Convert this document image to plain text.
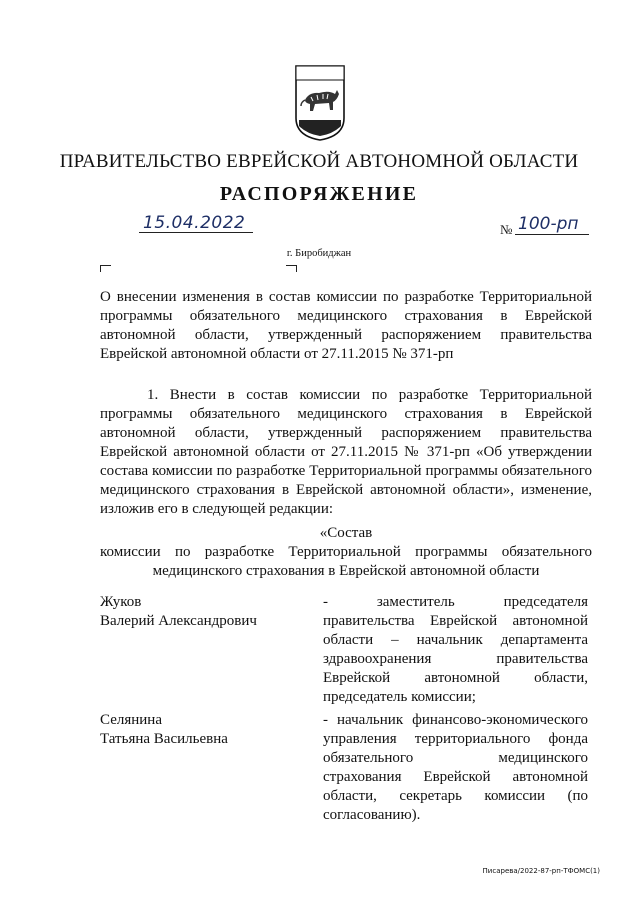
ПРАВИТЕЛЬСТВО ЕВРЕЙСКОЙ АВТОНОМНОЙ ОБЛАСТИ
РАСПОРЯЖЕНИЕ
15.04.2022	№ 100-рп
г. Биробиджан
О внесении изменения в состав комиссии по разработке Территориальной программы обязательного медицинского страхования в Еврейской автономной области, утвержденный распоряжением правительства Еврейской автономной области от 27.11.2015 № 371-рп
1. Внести в состав комиссии по разработке Территориальной программы обязательного медицинского страхования в Еврейской автономной области, утвержденный распоряжением правительства Еврейской автономной области от 27.11.2015 № 371-рп «Об утверждении состава комиссии по разработке Территориальной программы обязательного медицинского страхования в Еврейской автономной области», изменение, изложив его в следующей редакции:
«Состав
комиссии по разработке Территориальной программы обязательного медицинского страхования в Еврейской автономной области
Жуков
Валерий Александрович
- заместитель председателя правительства Еврейской автономной области – начальник департамента здравоохранения правительства Еврейской автономной области, председатель комиссии;
Селянина
Татьяна Васильевна
- начальник финансово-экономического управления территориального фонда обязательного медицинского страхования Еврейской автономной области, секретарь комиссии (по согласованию).
Писарева/2022-87-рп-ТФОМС(1)
